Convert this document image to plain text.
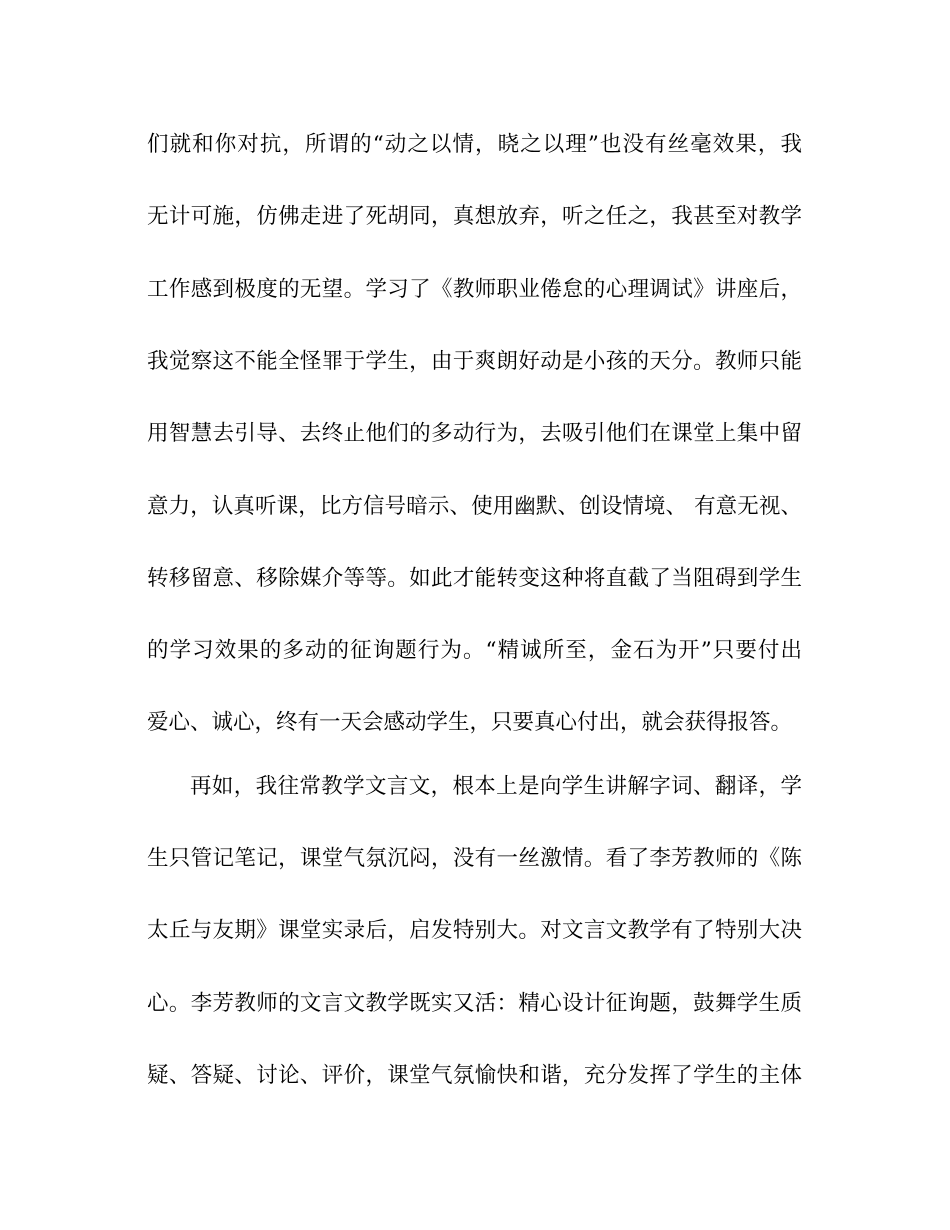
们就和你对抗，所谓的“动之以情，晓之以理”也没有丝毫效果，我
无计可施，仿佛走进了死胡同，真想放弃，听之任之，我甚至对教学
工作感到极度的无望。学习了《教师职业倦怠的心理调试》讲座后，
我觉察这不能全怪罪于学生，由于爽朗好动是小孩的天分。教师只能
用智慧去引导、去终止他们的多动行为，去吸引他们在课堂上集中留
意力，认真听课，比方信号暗示、使用幽默、创设情境、 有意无视、
转移留意、移除媒介等等。如此才能转变这种将直截了当阻碍到学生
的学习效果的多动的征询题行为。“精诚所至，金石为开”只要付出
爱心、诚心，终有一天会感动学生，只要真心付出，就会获得报答。
再如，我往常教学文言文，根本上是向学生讲解字词、翻译，学
生只管记笔记，课堂气氛沉闷，没有一丝激情。看了李芳教师的《陈
太丘与友期》课堂实录后，启发特别大。对文言文教学有了特别大决
心。李芳教师的文言文教学既实又活：精心设计征询题，鼓舞学生质
疑、答疑、讨论、评价，课堂气氛愉快和谐，充分发挥了学生的主体
